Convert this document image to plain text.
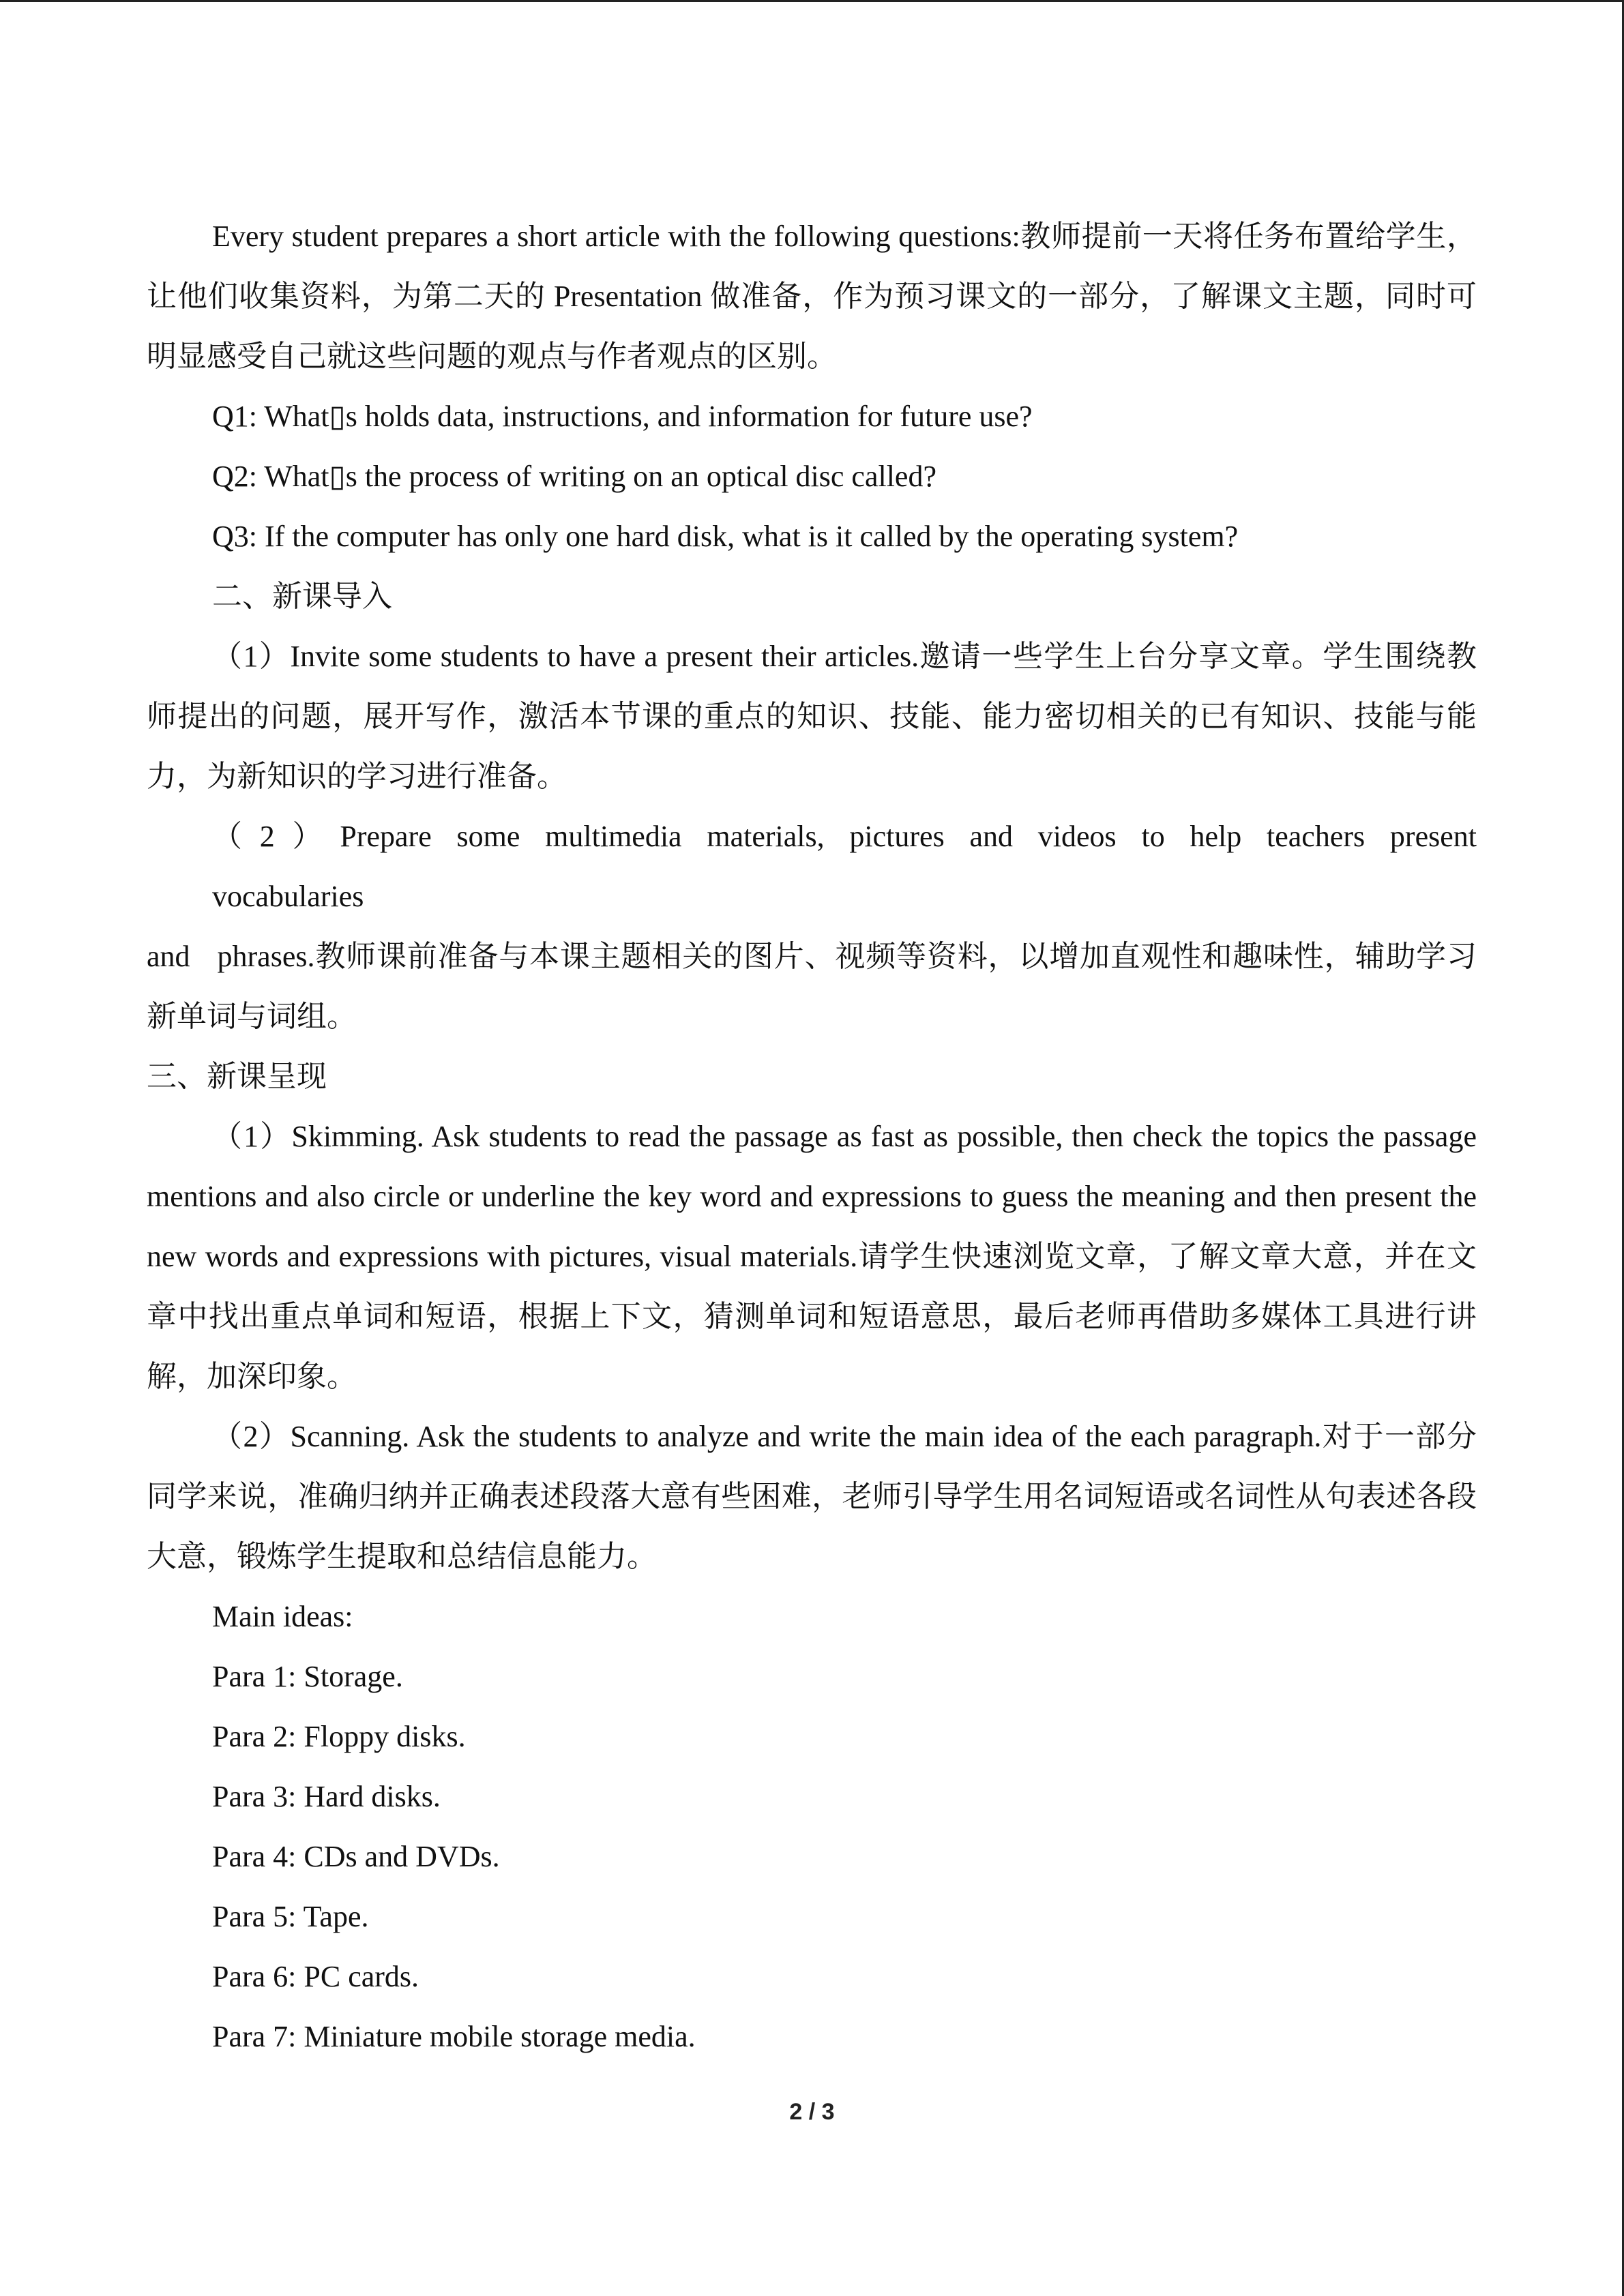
Every student prepares a short article with the following questions:教师提前一天将任务布置给学生，让他们收集资料，为第二天的 Presentation 做准备，作为预习课文的一部分，了解课文主题，同时可明显感受自己就这些问题的观点与作者观点的区别。

Q1: What▯s holds data, instructions, and information for future use?

Q2: What▯s the process of writing on an optical disc called?

Q3: If the computer has only one hard disk, what is it called by the operating system?

二、新课导入

（1）Invite some students to have a present their articles.邀请一些学生上台分享文章。学生围绕教师提出的问题，展开写作，激活本节课的重点的知识、技能、能力密切相关的已有知识、技能与能力，为新知识的学习进行准备。

（2）Prepare some multimedia materials, pictures and videos to help teachers present

vocabularies

and phrases.教师课前准备与本课主题相关的图片、视频等资料，以增加直观性和趣味性，辅助学习新单词与词组。

三、新课呈现

（1）Skimming. Ask students to read the passage as fast as possible, then check the topics the passage mentions and also circle or underline the key word and expressions to guess the meaning and then present the new words and expressions with pictures, visual materials.请学生快速浏览文章，了解文章大意，并在文章中找出重点单词和短语，根据上下文，猜测单词和短语意思，最后老师再借助多媒体工具进行讲解，加深印象。

（2）Scanning. Ask the students to analyze and write the main idea of the each paragraph.对于一部分同学来说，准确归纳并正确表述段落大意有些困难，老师引导学生用名词短语或名词性从句表述各段大意，锻炼学生提取和总结信息能力。

Main ideas:

Para 1: Storage.

Para 2: Floppy disks.

Para 3: Hard disks.

Para 4: CDs and DVDs.

Para 5: Tape.

Para 6: PC cards.

Para 7: Miniature mobile storage media.

2 / 3
